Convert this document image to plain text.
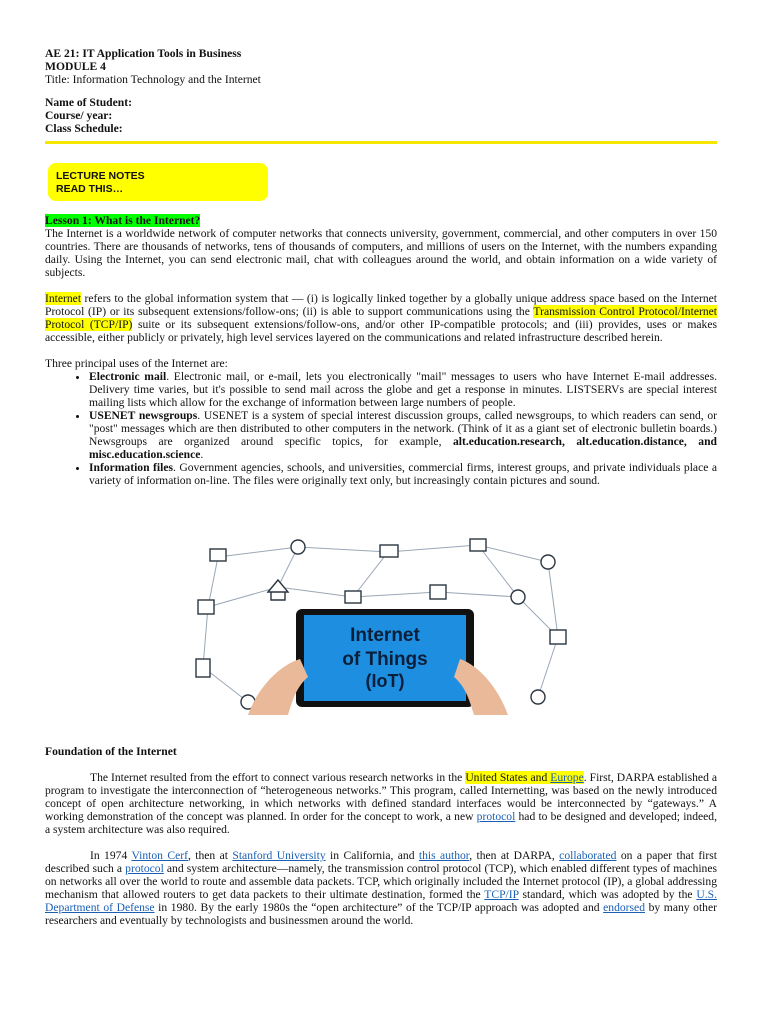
AE 21: IT Application Tools in Business
MODULE 4
Title: Information Technology and the Internet
Name of Student:
Course/ year:
Class Schedule:
LECTURE NOTES
READ THIS…

Lesson 1: What is the Internet?

The Internet is a worldwide network of computer networks that connects university, government, commercial, and other computers in over 150 countries. There are thousands of networks, tens of thousands of computers, and millions of users on the Internet, with the numbers expanding daily. Using the Internet, you can send electronic mail, chat with colleagues around the world, and obtain information on a wide variety of subjects.

Internet refers to the global information system that — (i) is logically linked together by a globally unique address space based on the Internet Protocol (IP) or its subsequent extensions/follow-ons; (ii) is able to support communications using the Transmission Control Protocol/Internet Protocol (TCP/IP) suite or its subsequent extensions/follow-ons, and/or other IP-compatible protocols; and (iii) provides, uses or makes accessible, either publicly or privately, high level services layered on the communications and related infrastructure described herein.

Three principal uses of the Internet are:

• Electronic mail. Electronic mail, or e-mail, lets you electronically "mail" messages to users who have Internet E-mail addresses. Delivery time varies, but it's possible to send mail across the globe and get a response in minutes. LISTSERVs are special interest mailing lists which allow for the exchange of information between large numbers of people.
• USENET newsgroups. USENET is a system of special interest discussion groups, called newsgroups, to which readers can send, or "post" messages which are then distributed to other computers in the network. (Think of it as a giant set of electronic bulletin boards.) Newsgroups are organized around specific topics, for example, alt.education.research, alt.education.distance, and misc.education.science.
• Information files. Government agencies, schools, and universities, commercial firms, interest groups, and private individuals place a variety of information on-line. The files were originally text only, but increasingly contain pictures and sound.
Internet
of Things
(IoT)

Foundation of the Internet

The Internet resulted from the effort to connect various research networks in the United States and Europe. First, DARPA established a program to investigate the interconnection of “heterogeneous networks.” This program, called Internetting, was based on the newly introduced concept of open architecture networking, in which networks with defined standard interfaces would be interconnected by “gateways.” A working demonstration of the concept was planned. In order for the concept to work, a new protocol had to be designed and developed; indeed, a system architecture was also required.

In 1974 Vinton Cerf, then at Stanford University in California, and this author, then at DARPA, collaborated on a paper that first described such a protocol and system architecture—namely, the transmission control protocol (TCP), which enabled different types of machines on networks all over the world to route and assemble data packets. TCP, which originally included the Internet protocol (IP), a global addressing mechanism that allowed routers to get data packets to their ultimate destination, formed the TCP/IP standard, which was adopted by the U.S. Department of Defense in 1980. By the early 1980s the “open architecture” of the TCP/IP approach was adopted and endorsed by many other researchers and eventually by technologists and businessmen around the world.
